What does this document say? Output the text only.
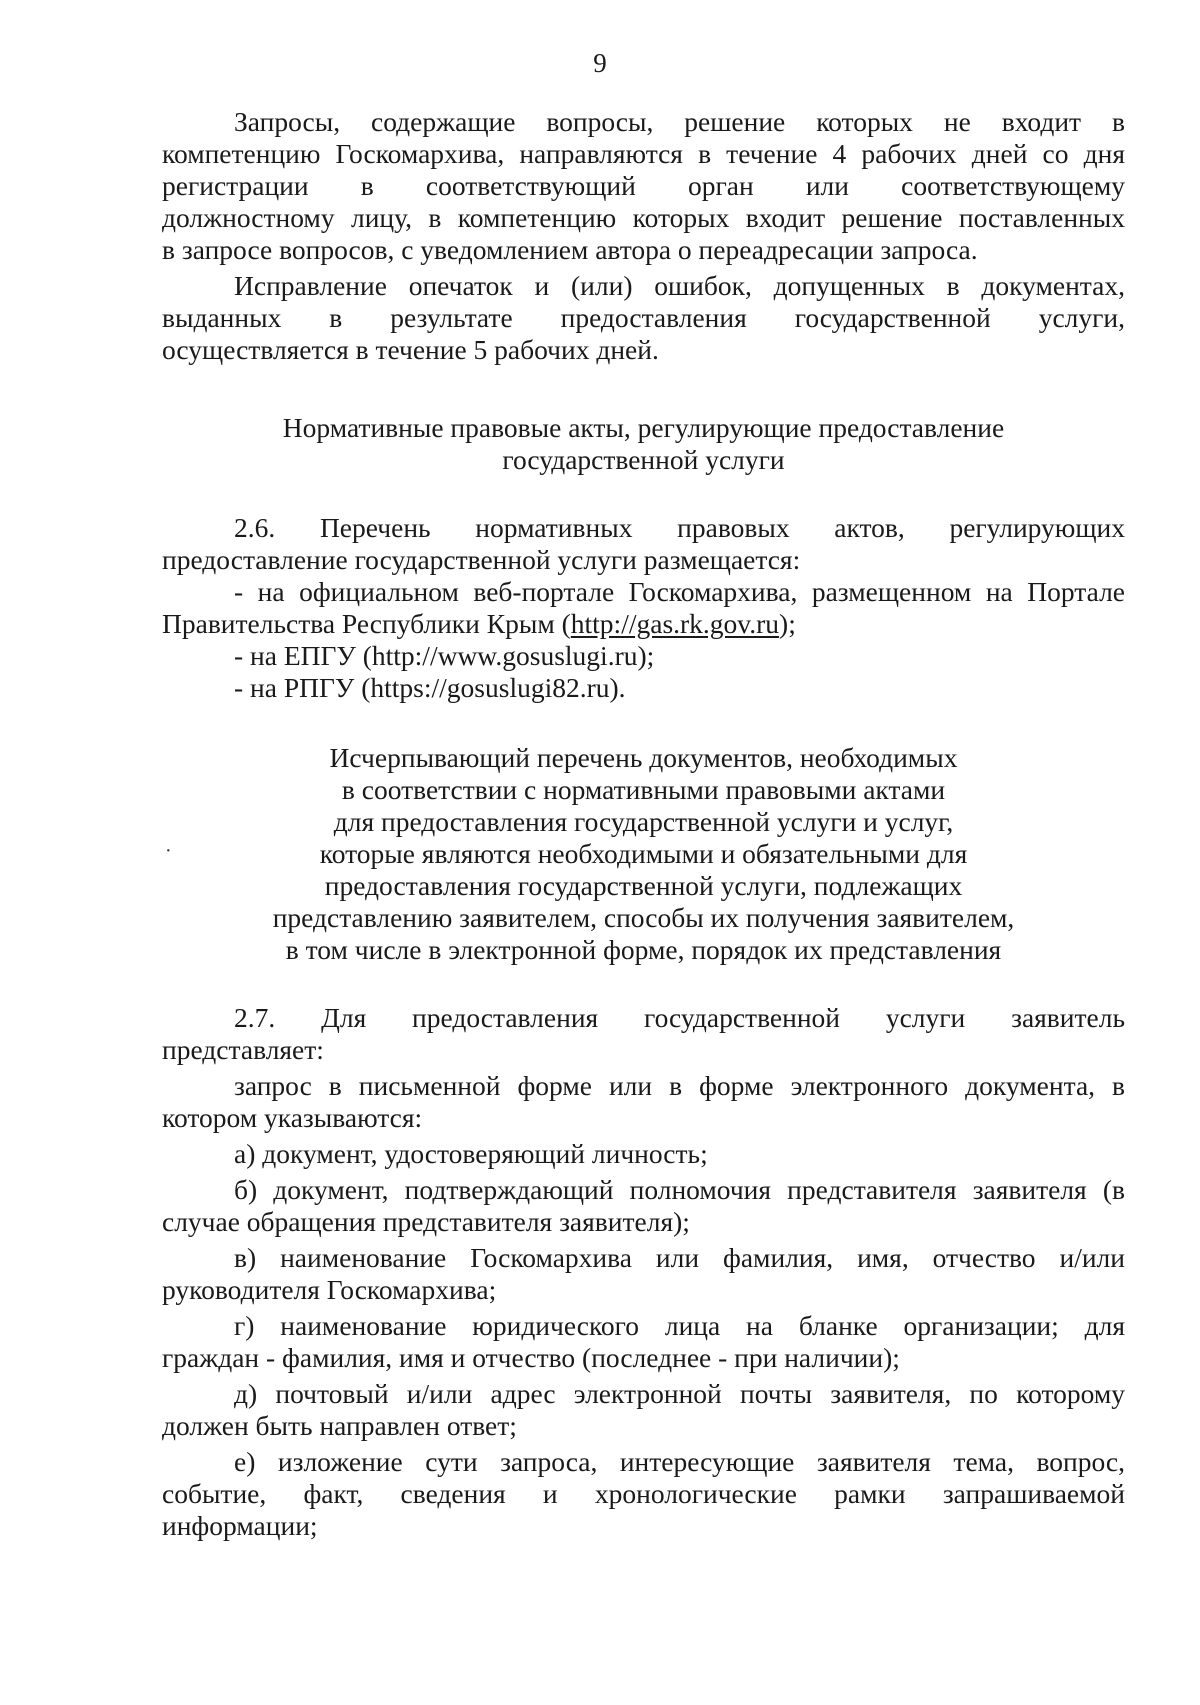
9
Запросы, содержащие вопросы, решение которых не входит в
компетенцию Госкомархива, направляются в течение 4 рабочих дней со дня
регистрации в соответствующий орган или соответствующему
должностному лицу, в компетенцию которых входит решение поставленных
в запросе вопросов, с уведомлением автора о переадресации запроса.
Исправление опечаток и (или) ошибок, допущенных в документах,
выданных в результате предоставления государственной услуги,
осуществляется в течение 5 рабочих дней.
Нормативные правовые акты, регулирующие предоставление
государственной услуги
2.6. Перечень нормативных правовых актов, регулирующих
предоставление государственной услуги размещается:
- на официальном веб-портале Госкомархива, размещенном на Портале
Правительства Республики Крым (http://gas.rk.gov.ru);
- на ЕПГУ (http://www.gosuslugi.ru);
- на РПГУ (https://gosuslugi82.ru).
Исчерпывающий перечень документов, необходимых
в соответствии с нормативными правовыми актами
для предоставления государственной услуги и услуг,
которые являются необходимыми и обязательными для
предоставления государственной услуги, подлежащих
представлению заявителем, способы их получения заявителем,
в том числе в электронной форме, порядок их представления
·
2.7. Для предоставления государственной услуги заявитель
представляет:
запрос в письменной форме или в форме электронного документа, в
котором указываются:
а) документ, удостоверяющий личность;
б) документ, подтверждающий полномочия представителя заявителя (в
случае обращения представителя заявителя);
в) наименование Госкомархива или фамилия, имя, отчество и/или
руководителя Госкомархива;
г) наименование юридического лица на бланке организации; для
граждан - фамилия, имя и отчество (последнее - при наличии);
д) почтовый и/или адрес электронной почты заявителя, по которому
должен быть направлен ответ;
е) изложение сути запроса, интересующие заявителя тема, вопрос,
событие, факт, сведения и хронологические рамки запрашиваемой
информации;
